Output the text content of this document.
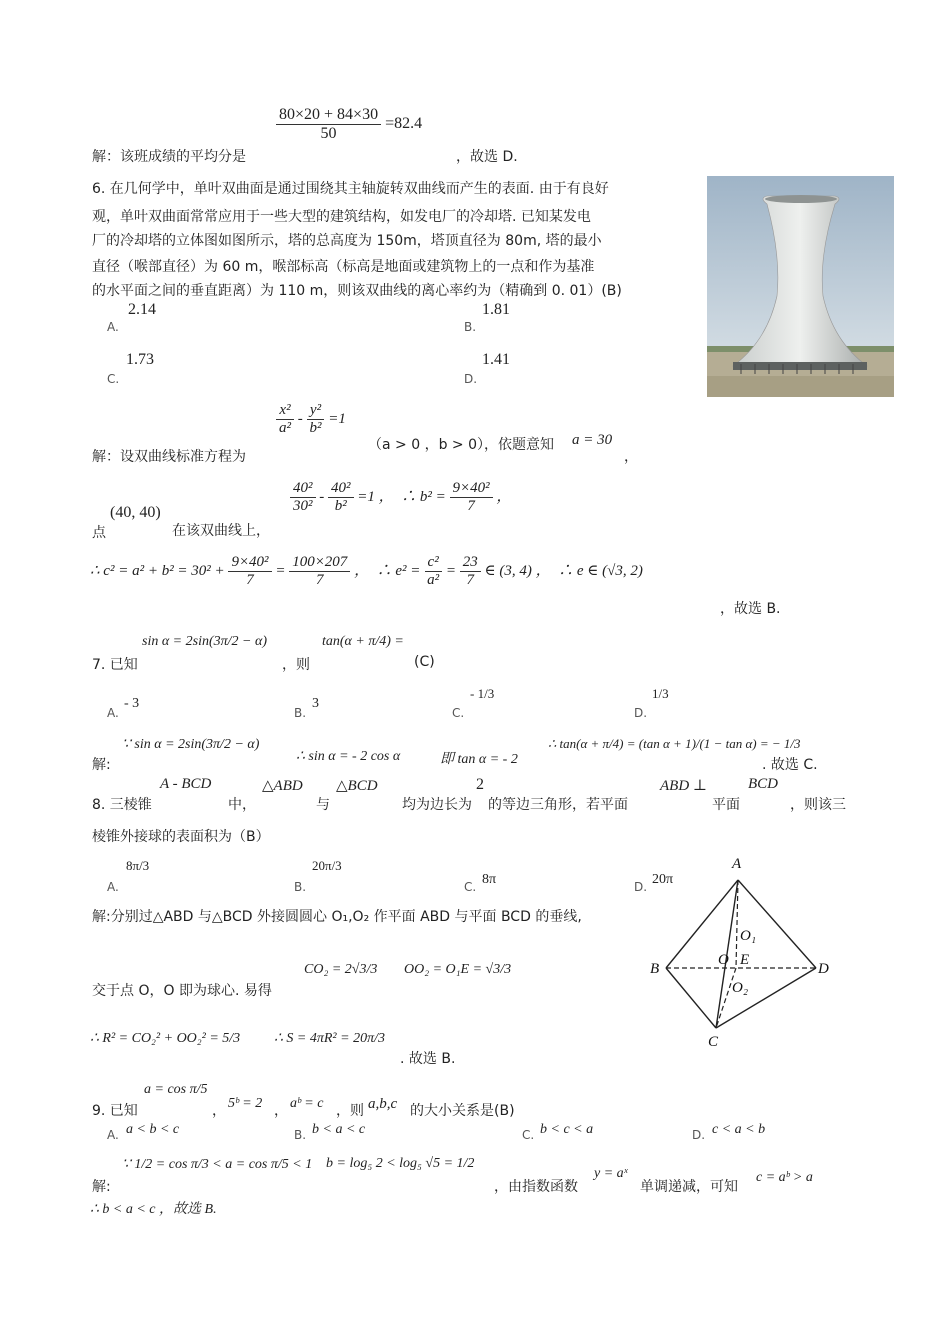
$\frac{80\times 20 + 84\times 30}{50} =82.4$
解：该班成绩的平均分是	，故选 D.
6. 在几何学中，单叶双曲面是通过围绕其主轴旋转双曲线而产生的表面. 由于有良好
观，单叶双曲面常常应用于一些大型的建筑结构，如发电厂的冷却塔. 已知某发电
厂的冷却塔的立体图如图所示，塔的总高度为 150m，塔顶直径为 80m, 塔的最小
直径（喉部直径）为 60 m，喉部标高（标高是地面或建筑物上的一点和作为基准
的水平面之间的垂直距离）为 110 m，则该双曲线的离心率约为（精确到 0. 01）(B)
2.14
A.
1.81
B.
1.73
C.
1.41
D.
$\frac{\text{x²}}{\text{a²}} - \frac{\text{y²}}{\text{b²}} =1$
解：设双曲线标准方程为
（a > 0 ，b > 0），依题意知 a = 30
，
点
(40, 40)
在该双曲线上，
$\frac{\text{40²}}{\text{30²}} - \frac{\text{40²}}{\text{b²}} =1$ ，  ∴ $b^2 = \frac{\text{9×40²}}{7}$ ，
∴ $c^2 = a^2 + b^2 = 30^2 + \frac{\text{9×40²}}{7} = \frac{100\times 207}{7}$ ，  ∴ $e^2 = \frac{\text{c²}}{\text{a²}} = \frac{23}{7}$ ∈ (3, 4) ，  ∴ e ∈ (√3, 2)
，故选 B.
7. 已知
sin α = 2sin(3π/2 − α)
，则
tan(α + π/4) =
(C)
A.
- 3
B.
3
C.
- 1/3
D.
1/3
解:
∵ sin α = 2sin(3π/2 − α)
∴ sin α = - 2 cos α	即 tan α = - 2
∴ tan(α + π/4) = (tan α + 1)/(1 − tan α) = − 1/3
. 故选 C.
8. 三棱锥
A - BCD
中，
△ABD
与
△BCD
均为边长为
2
的等边三角形，若平面
ABD ⊥
平面
BCD
，则该三
棱锥外接球的表面积为（B）
A.
8π/3
B.
20π/3
C. 8π	D. 20π
解:分别过△ABD 与△BCD 外接圆圆心 O₁,O₂ 作平面 ABD 与平面 BCD 的垂线,
交于点 O，O 即为球心. 易得
CO₂ = 2√3/3 OO₂ = O₁E = √3/3
∴ R² = CO₂² + OO₂² = 5/3 ∴ S = 4πR² = 20π/3
. 故选 B.
A
B
C
D
O E
O₁
O₂
9. 已知
a = cos π/5
， 5ᵇ = 2 ， aᵇ = c ，则 a,b,c 的大小关系是(B)
A. a < b < c	B. b < a < c	C. b < c < a	D. c < a < b
解:
∵ 1/2 = cos π/3 < a = cos π/5 < 1 b = log₅ 2 < log₅ √5 = 1/2
，由指数函数
y = aˣ
单调递减，可知
c = aᵇ > a
∴ b < a < c ，故选 B.
